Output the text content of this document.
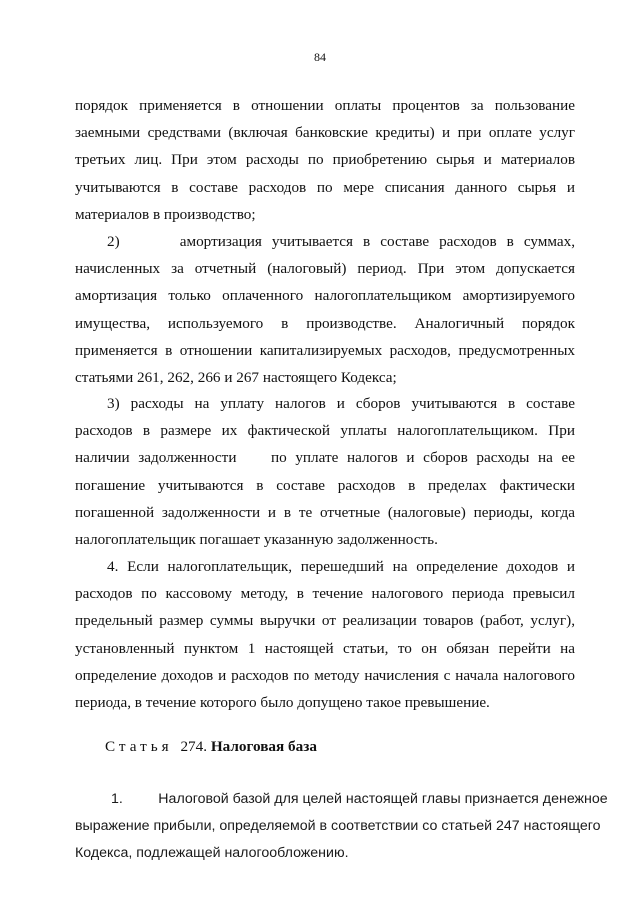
84
порядок применяется в отношении оплаты процентов за пользование
заемными средствами (включая банковские кредиты) и при оплате услуг
третьих лиц. При этом расходы по приобретению сырья и материалов
учитываются в составе расходов по мере списания данного сырья и
материалов в производство;
2)      амортизация учитывается в составе расходов в суммах,
начисленных за отчетный (налоговый) период. При этом допускается
амортизация только оплаченного налогоплательщиком амортизируемого
имущества, используемого в производстве. Аналогичный порядок
применяется в отношении капитализируемых расходов, предусмотренных
статьями 261, 262, 266 и 267 настоящего Кодекса;
3) расходы на уплату налогов и сборов учитываются в составе
расходов в размере их фактической уплаты налогоплательщиком. При
наличии задолженности    по уплате налогов и сборов расходы на ее
погашение учитываются в составе расходов в пределах фактически
погашенной задолженности и в те отчетные (налоговые) периоды, когда
налогоплательщик погашает указанную задолженность.
4. Если налогоплательщик, перешедший на определение доходов и
расходов по кассовому методу, в течение налогового периода превысил
предельный размер суммы выручки от реализации товаров (работ, услуг),
установленный пунктом 1 настоящей статьи, то он обязан перейти на
определение доходов и расходов по методу начисления с начала налогового
периода, в течение которого было допущено такое превышение.
Статья 274. Налоговая база
1.         Налоговой базой для целей настоящей главы признается денежное
выражение прибыли, определяемой в соответствии со статьей 247 настоящего
Кодекса, подлежащей налогообложению.
